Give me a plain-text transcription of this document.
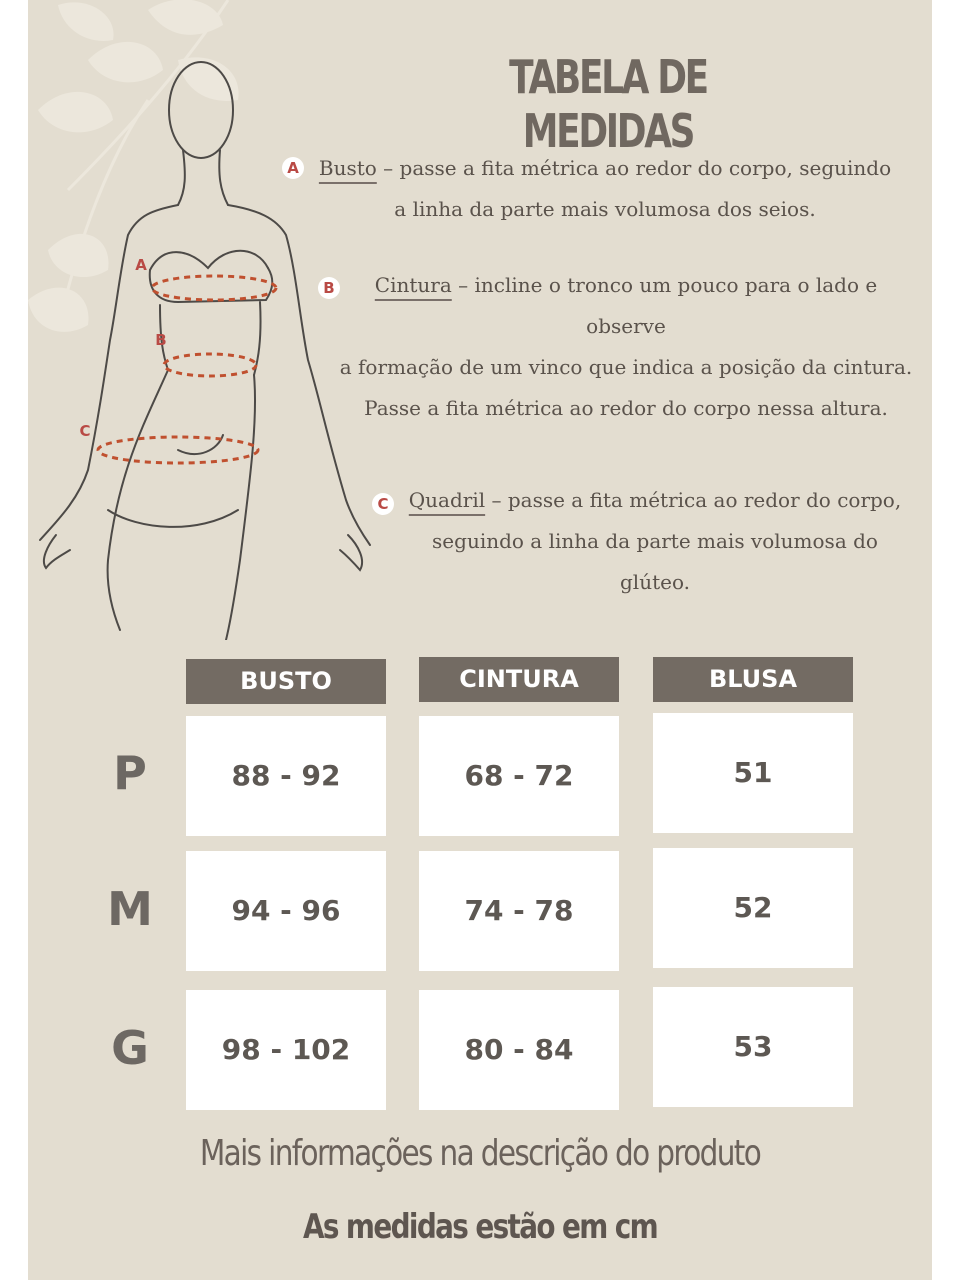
A
B
C
TABELA DE MEDIDAS
A	Busto – passe a fita métrica ao redor do corpo, seguindo
a linha da parte mais volumosa dos seios.
B	Cintura – incline o tronco um pouco para o lado e
observe
a formação de um vinco que indica a posição da cintura.
Passe a fita métrica ao redor do corpo nessa altura.
C	Quadril – passe a fita métrica ao redor do corpo,
seguindo a linha da parte mais volumosa do
glúteo.
BUSTO	CINTURA	BLUSA
P	88 - 92	68 - 72	51
M	94 - 96	74 - 78	52
G	98 - 102	80 - 84	53
Mais informações na descrição do produto
As medidas estão em cm
